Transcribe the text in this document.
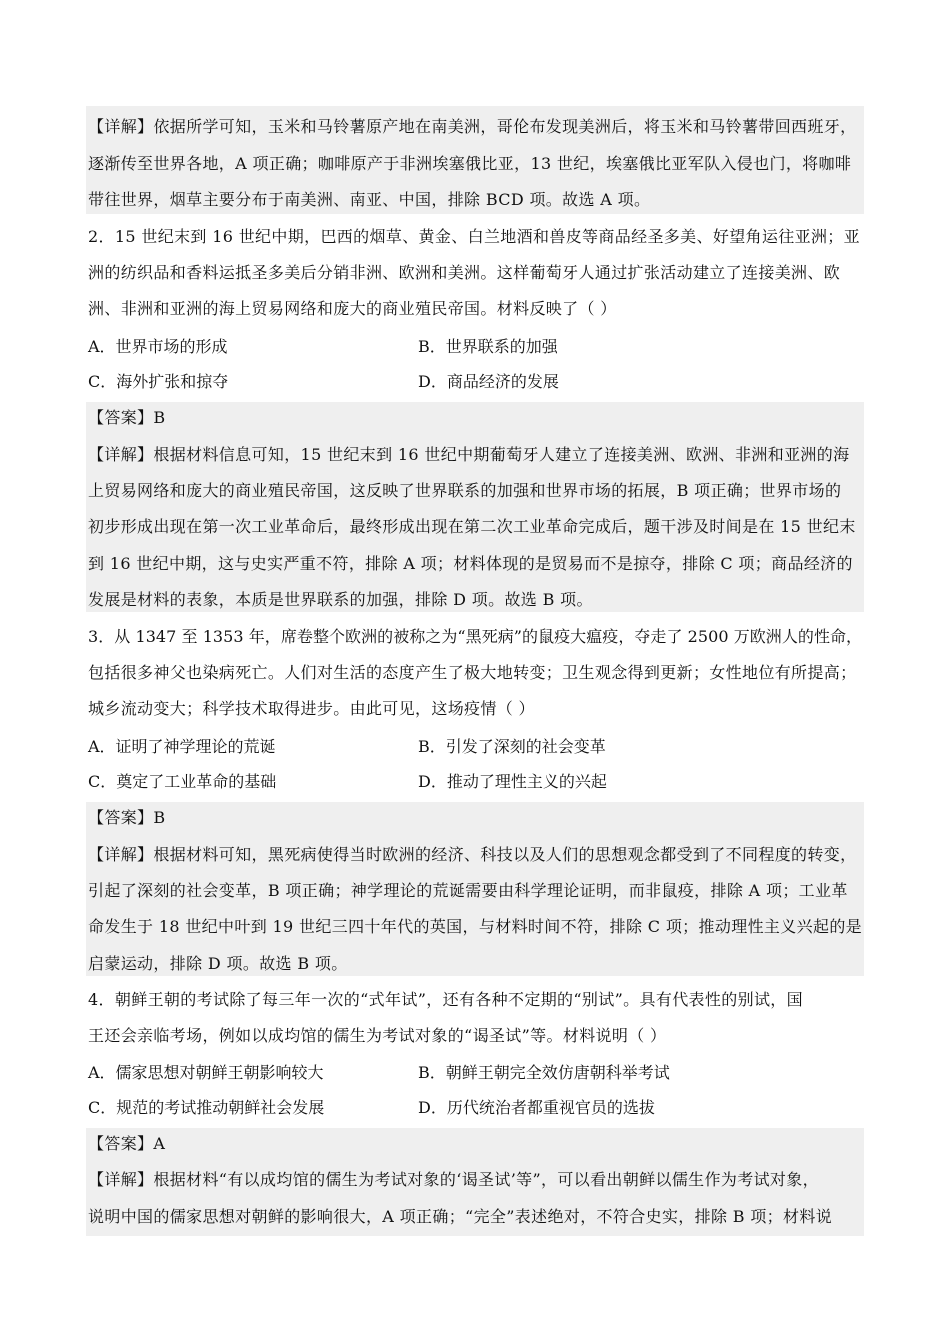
【详解】依据所学可知，玉米和马铃薯原产地在南美洲，哥伦布发现美洲后，将玉米和马铃薯带回西班牙，
逐渐传至世界各地，A 项正确；咖啡原产于非洲埃塞俄比亚，13 世纪，埃塞俄比亚军队入侵也门，将咖啡
带往世界，烟草主要分布于南美洲、南亚、中国，排除 BCD 项。故选 A 项。
2．15 世纪末到 16 世纪中期，巴西的烟草、黄金、白兰地酒和兽皮等商品经圣多美、好望角运往亚洲；亚
洲的纺织品和香料运抵圣多美后分销非洲、欧洲和美洲。这样葡萄牙人通过扩张活动建立了连接美洲、欧
洲、非洲和亚洲的海上贸易网络和庞大的商业殖民帝国。材料反映了（ ）
A．世界市场的形成	B．世界联系的加强
C．海外扩张和掠夺	D．商品经济的发展
【答案】B
【详解】根据材料信息可知，15 世纪末到 16 世纪中期葡萄牙人建立了连接美洲、欧洲、非洲和亚洲的海
上贸易网络和庞大的商业殖民帝国，这反映了世界联系的加强和世界市场的拓展，B 项正确；世界市场的
初步形成出现在第一次工业革命后，最终形成出现在第二次工业革命完成后，题干涉及时间是在 15 世纪末
到 16 世纪中期，这与史实严重不符，排除 A 项；材料体现的是贸易而不是掠夺，排除 C 项；商品经济的
发展是材料的表象，本质是世界联系的加强，排除 D 项。故选 B 项。
3．从 1347 至 1353 年，席卷整个欧洲的被称之为“黑死病”的鼠疫大瘟疫，夺走了 2500 万欧洲人的性命，
包括很多神父也染病死亡。人们对生活的态度产生了极大地转变；卫生观念得到更新；女性地位有所提高；
城乡流动变大；科学技术取得进步。由此可见，这场疫情（ ）
A．证明了神学理论的荒诞	B．引发了深刻的社会变革
C．奠定了工业革命的基础	D．推动了理性主义的兴起
【答案】B
【详解】根据材料可知，黑死病使得当时欧洲的经济、科技以及人们的思想观念都受到了不同程度的转变，
引起了深刻的社会变革，B 项正确；神学理论的荒诞需要由科学理论证明，而非鼠疫，排除 A 项；工业革
命发生于 18 世纪中叶到 19 世纪三四十年代的英国，与材料时间不符，排除 C 项；推动理性主义兴起的是
启蒙运动，排除 D 项。故选 B 项。
4．朝鲜王朝的考试除了每三年一次的“式年试”，还有各种不定期的“别试”。具有代表性的别试，国
王还会亲临考场，例如以成均馆的儒生为考试对象的“谒圣试”等。材料说明（ ）
A．儒家思想对朝鲜王朝影响较大	B．朝鲜王朝完全效仿唐朝科举考试
C．规范的考试推动朝鲜社会发展	D．历代统治者都重视官员的选拔
【答案】A
【详解】根据材料“有以成均馆的儒生为考试对象的‘谒圣试’等”，可以看出朝鲜以儒生作为考试对象，
说明中国的儒家思想对朝鲜的影响很大，A 项正确；“完全”表述绝对，不符合史实，排除 B 项；材料说
